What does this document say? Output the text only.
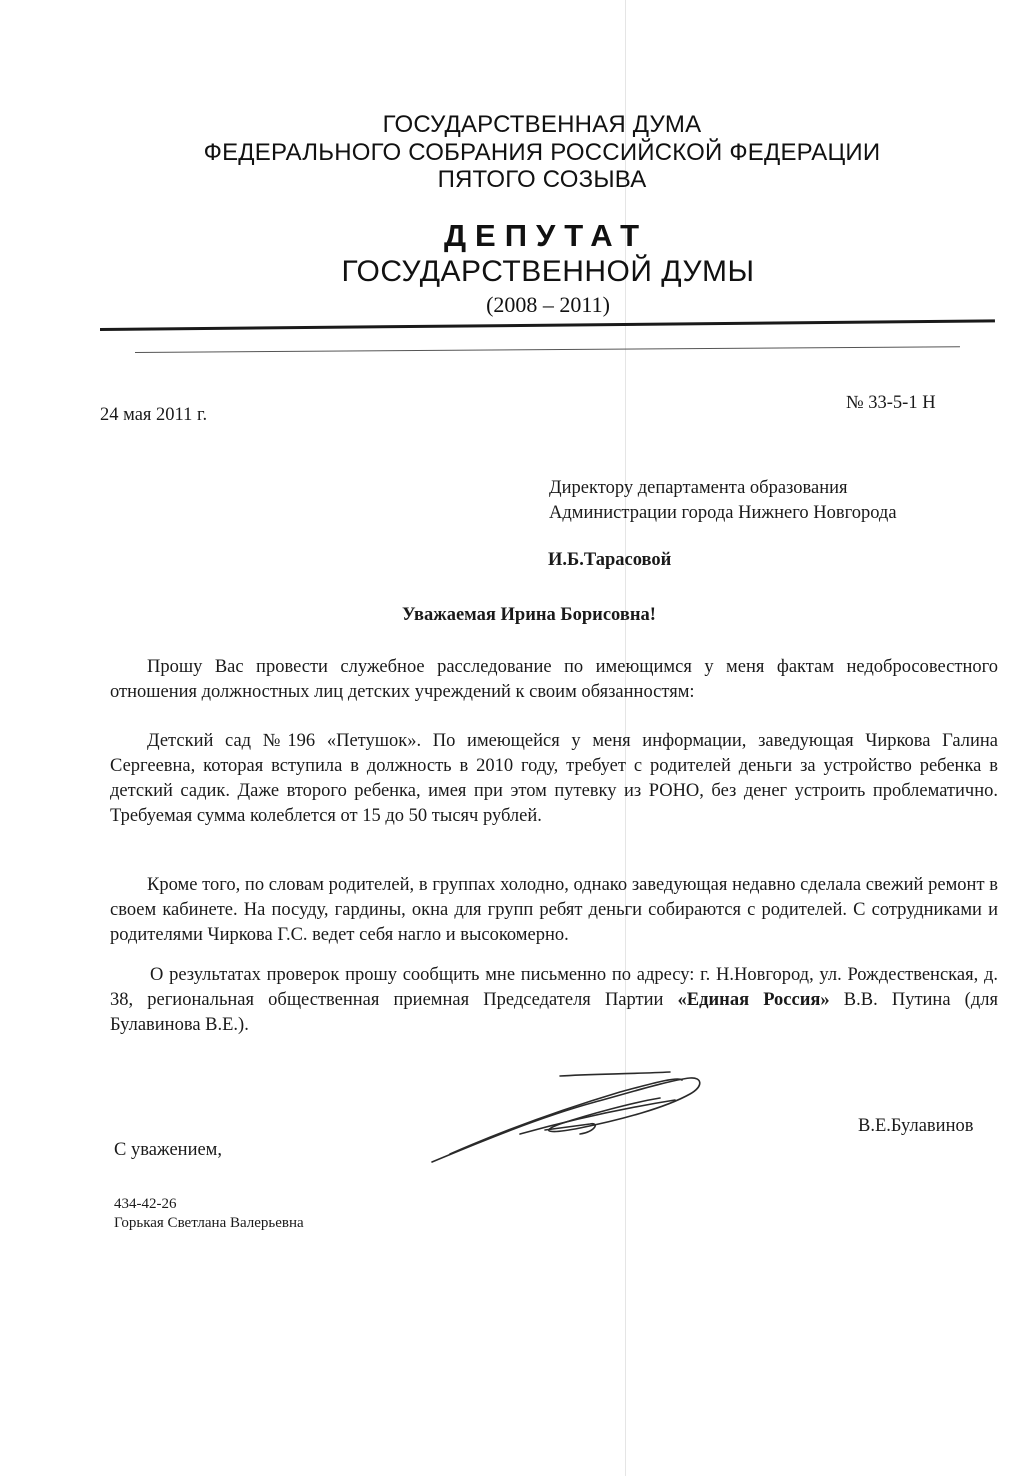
ГОСУДАРСТВЕННАЯ ДУМА
ФЕДЕРАЛЬНОГО СОБРАНИЯ РОССИЙСКОЙ ФЕДЕРАЦИИ
ПЯТОГО СОЗЫВА
ДЕПУТАТ
ГОСУДАРСТВЕННОЙ ДУМЫ
(2008 – 2011)
24 мая 2011 г.
№ 33-5-1 Н
Директору департамента образования
Администрации города Нижнего Новгорода
И.Б.Тарасовой
Уважаемая Ирина Борисовна!
Прошу Вас провести служебное расследование по имеющимся у меня фактам недобросовестного отношения должностных лиц детских учреждений к своим обязанностям:
Детский сад №196 «Петушок». По имеющейся у меня информации, заведующая Чиркова Галина Сергеевна, которая вступила в должность в 2010 году, требует с родителей деньги за устройство ребенка в детский садик. Даже второго ребенка, имея при этом путевку из РОНО, без денег устроить проблематично. Требуемая сумма колеблется от 15 до 50 тысяч рублей.
Кроме того, по словам родителей, в группах холодно, однако заведующая недавно сделала свежий ремонт в своем кабинете. На посуду, гардины, окна для групп ребят деньги собираются с родителей. С сотрудниками и родителями Чиркова Г.С. ведет себя нагло и высокомерно.
О результатах проверок прошу сообщить мне письменно по адресу: г. Н.Новгород, ул. Рождественская, д. 38, региональная общественная приемная Председателя Партии «Единая Россия» В.В. Путина (для Булавинова В.Е.).
В.Е.Булавинов
С уважением,
434-42-26
Горькая Светлана Валерьевна
